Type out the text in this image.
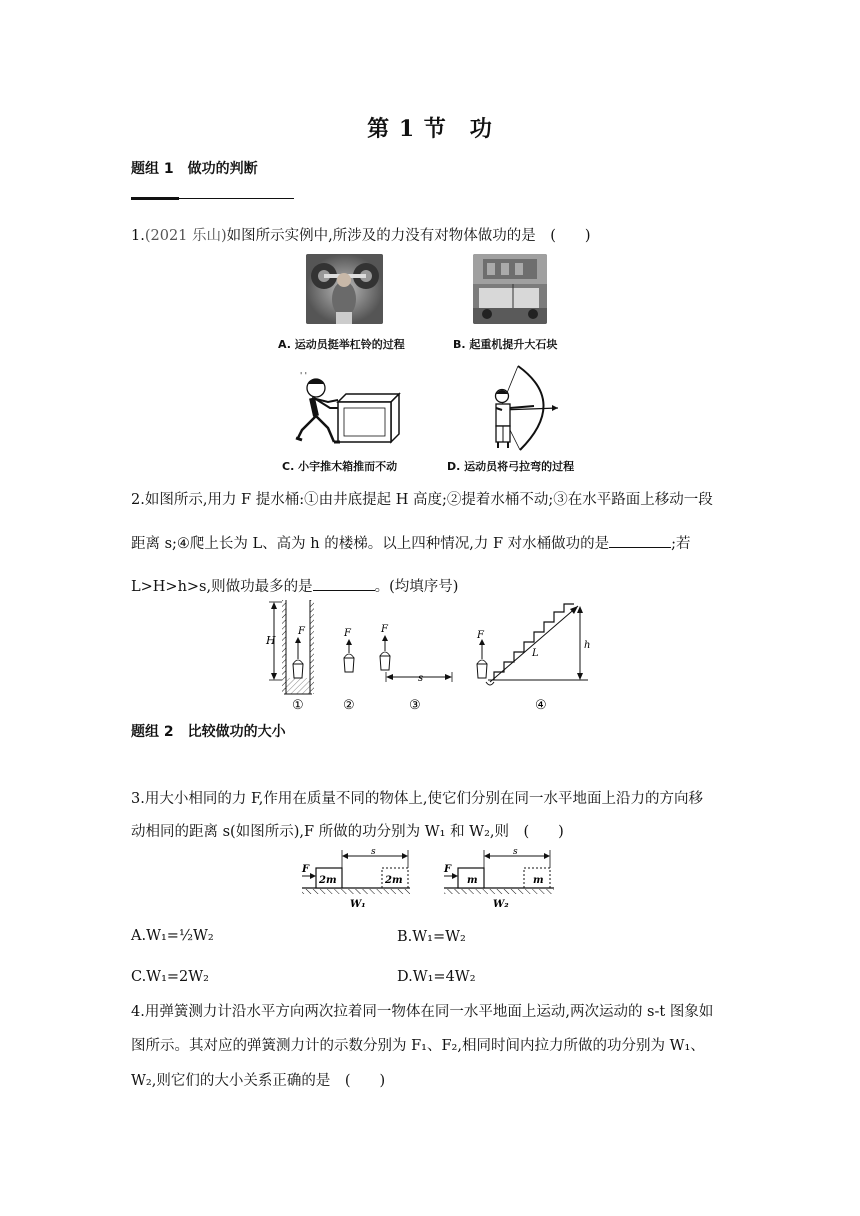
第 1 节　功
题组 1　做功的判断
1.(2021 乐山)如图所示实例中,所涉及的力没有对物体做功的是　(　　)
A. 运动员挺举杠铃的过程	B. 起重机提升大石块
' '
C. 小宇推木箱推而不动	D. 运动员将弓拉弯的过程
2.如图所示,用力 F 提水桶:①由井底提起 H 高度;②提着水桶不动;③在水平路面上移动一段
距离 s;④爬上长为 L、高为 h 的楼梯。以上四种情况,力 F 对水桶做功的是	;若
L>H>h>s,则做功最多的是	。(均填序号)
H
F	F	F
s
L
h
F
①	②	③	④
题组 2　比较做功的大小
3.用大小相同的力 F,作用在质量不同的物体上,使它们分别在同一水平地面上沿力的方向移
动相同的距离 s(如图所示),F 所做的功分别为 W₁ 和 W₂,则　(　　)
2m	2m
F
s
W₁
m	m
F
s
W₂
A.W₁=½W₂	B.W₁=W₂
C.W₁=2W₂	D.W₁=4W₂
4.用弹簧测力计沿水平方向两次拉着同一物体在同一水平地面上运动,两次运动的 s-t 图象如
图所示。其对应的弹簧测力计的示数分别为 F₁、F₂,相同时间内拉力所做的功分别为 W₁、
W₂,则它们的大小关系正确的是　(　　)
